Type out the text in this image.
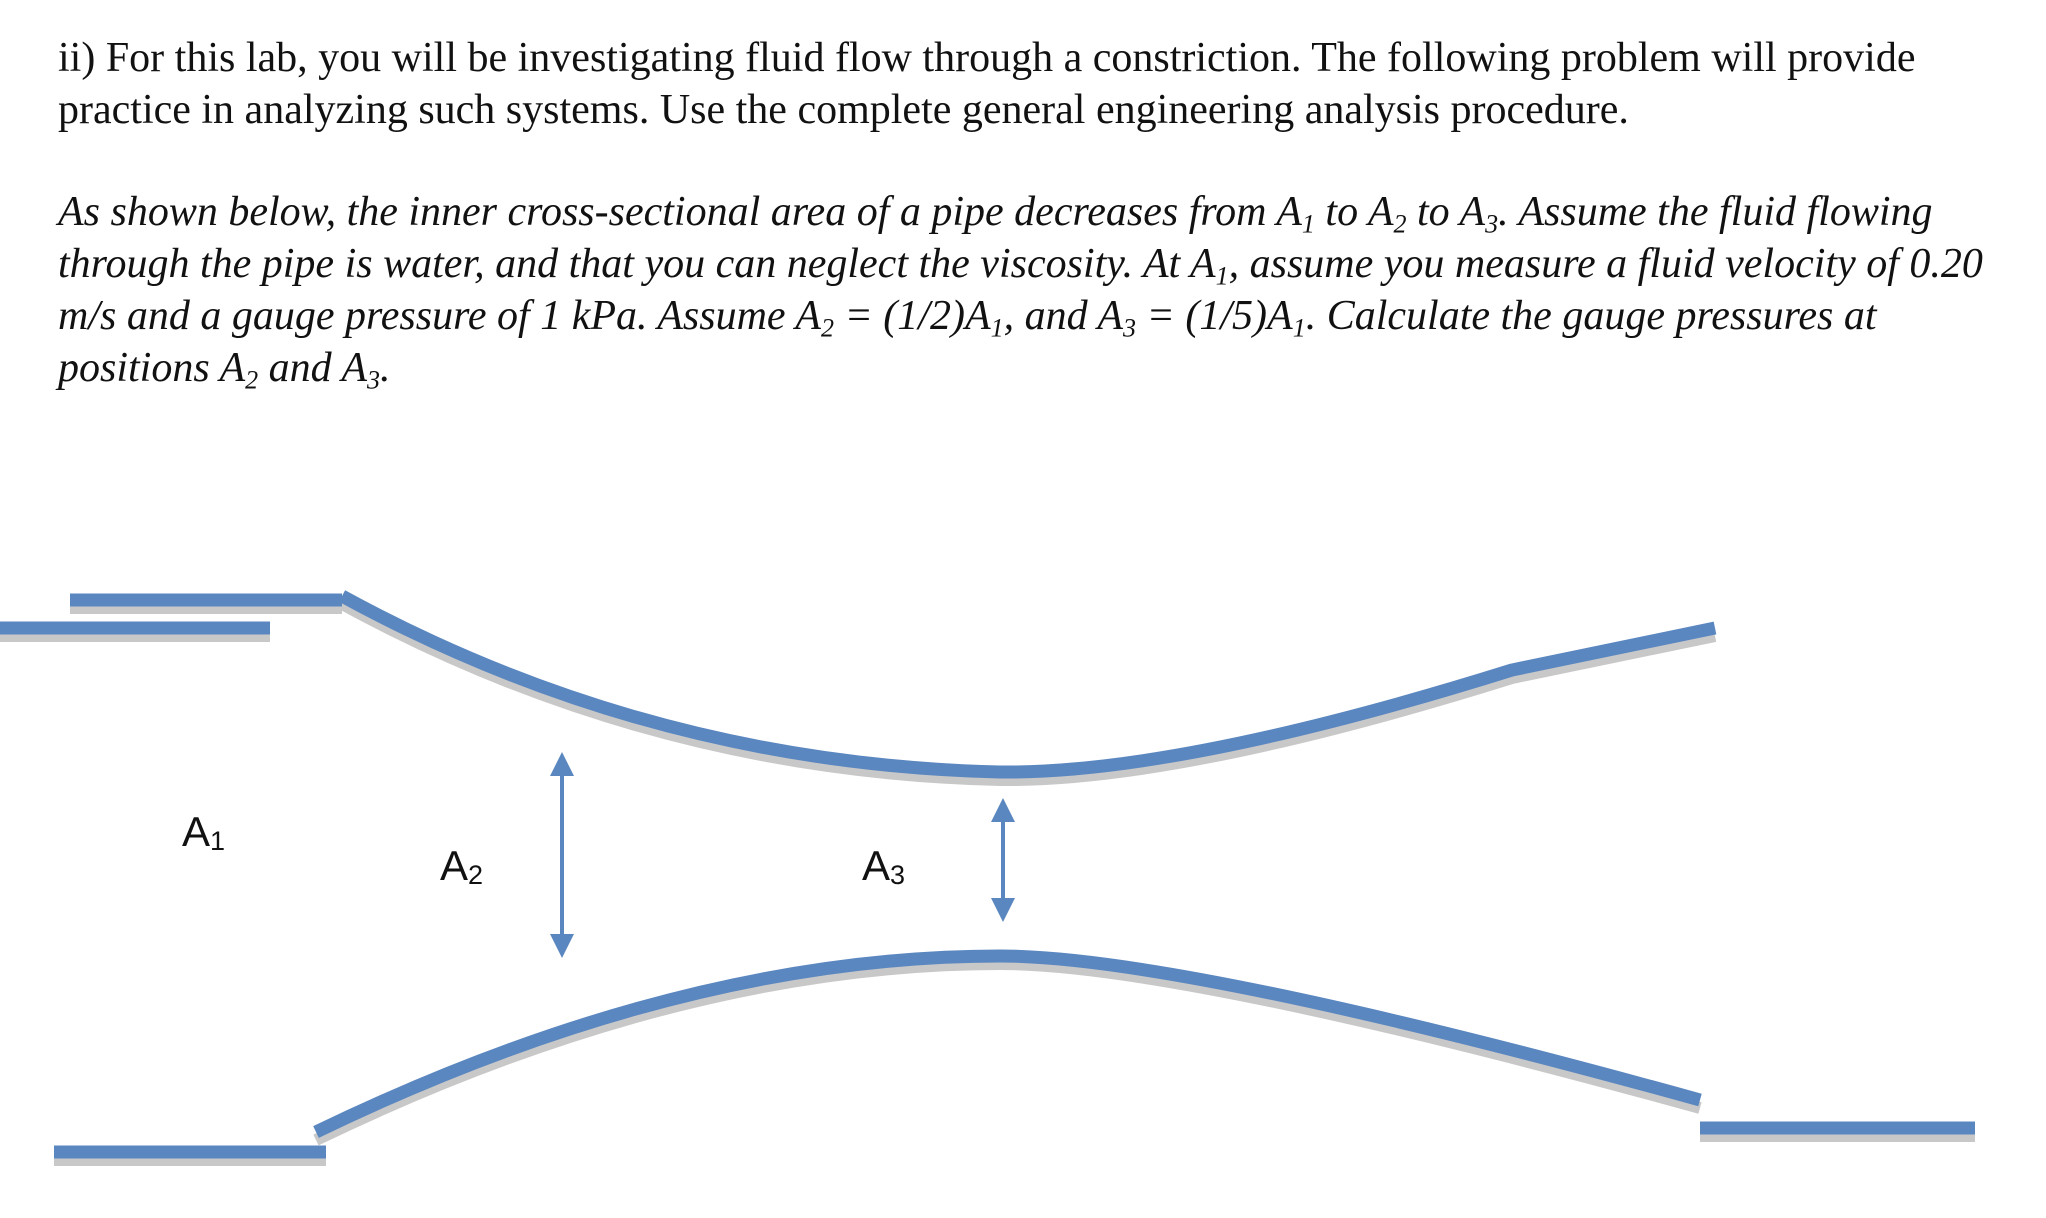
ii) For this lab, you will be investigating fluid flow through a constriction. The following problem will provide practice in analyzing such systems. Use the complete general engineering analysis procedure.

As shown below, the inner cross-sectional area of a pipe decreases from $A_1$ to $A_2$ to $A_3$. Assume the fluid flowing through the pipe is water, and that you can neglect the viscosity. At $A_1$, assume you measure a fluid velocity of 0.20 m/s and a gauge pressure of 1 kPa. Assume $A_2 = (1/2)A_1$, and $A_3 = (1/5)A_1$. Calculate the gauge pressures at positions $A_2$ and $A_3$.

A1
A2	A3
